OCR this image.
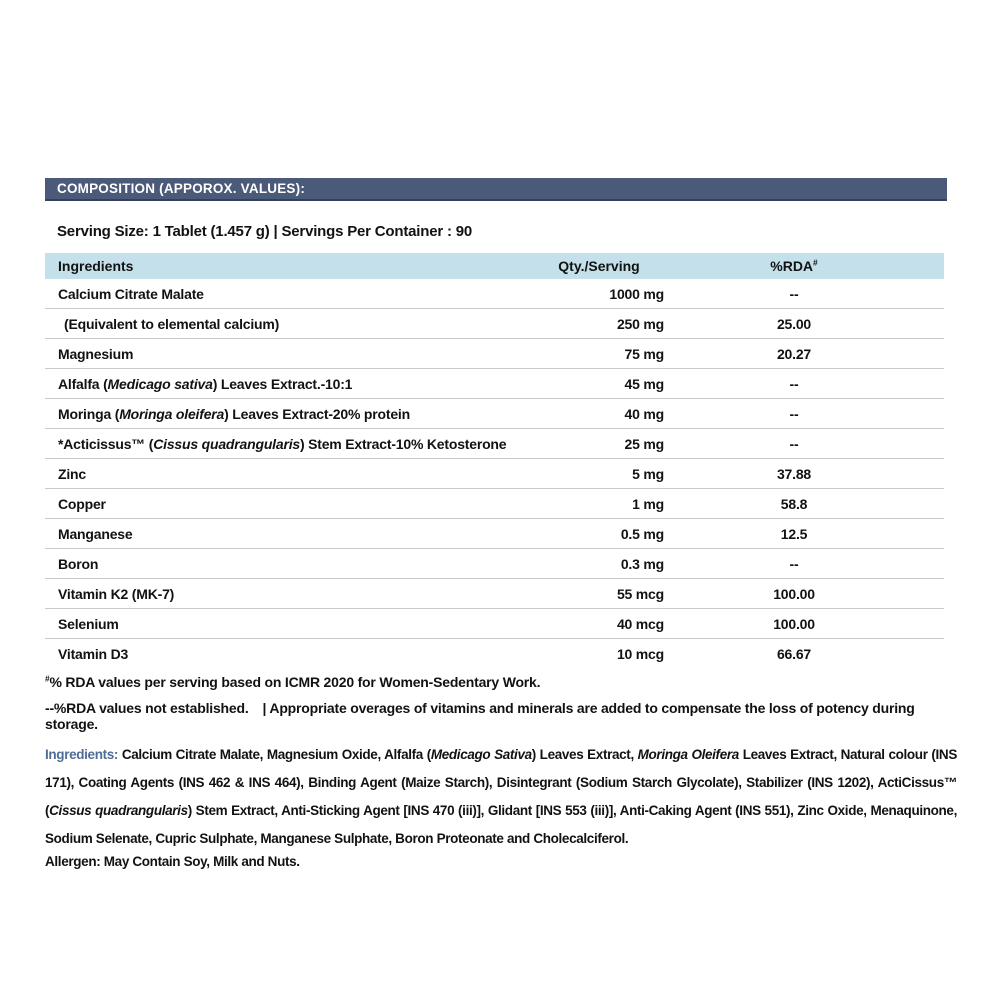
COMPOSITION (APPOROX. VALUES):
Serving Size: 1 Tablet (1.457 g) | Servings Per Container : 90
Ingredients	Qty./Serving	%RDA#
Calcium Citrate Malate	1000 mg	--
(Equivalent to elemental calcium)	250 mg	25.00
Magnesium	75 mg	20.27
Alfalfa (Medicago sativa) Leaves Extract.-10:1	45 mg	--
Moringa (Moringa oleifera) Leaves Extract-20% protein	40 mg	--
*Acticissus™ (Cissus quadrangularis) Stem Extract-10% Ketosterone	25 mg	--
Zinc	5 mg	37.88
Copper	1 mg	58.8
Manganese	0.5 mg	12.5
Boron	0.3 mg	--
Vitamin K2 (MK-7)	55 mcg	100.00
Selenium	40 mcg	100.00
Vitamin D3	10 mcg	66.67
#% RDA values per serving based on ICMR 2020 for Women-Sedentary Work.
--%RDA values not established. | Appropriate overages of vitamins and minerals are added to compensate the loss of potency during storage.
Ingredients: Calcium Citrate Malate, Magnesium Oxide, Alfalfa (Medicago Sativa) Leaves Extract, Moringa Oleifera Leaves Extract, Natural colour (INS 171), Coating Agents (INS 462 & INS 464), Binding Agent (Maize Starch), Disintegrant (Sodium Starch Glycolate), Stabilizer (INS 1202), ActiCissus™ (Cissus quadrangularis) Stem Extract, Anti-Sticking Agent [INS 470 (iii)], Glidant [INS 553 (iii)], Anti-Caking Agent (INS 551), Zinc Oxide, Menaquinone, Sodium Selenate, Cupric Sulphate, Manganese Sulphate, Boron Proteonate and Cholecalciferol.
Allergen: May Contain Soy, Milk and Nuts.
